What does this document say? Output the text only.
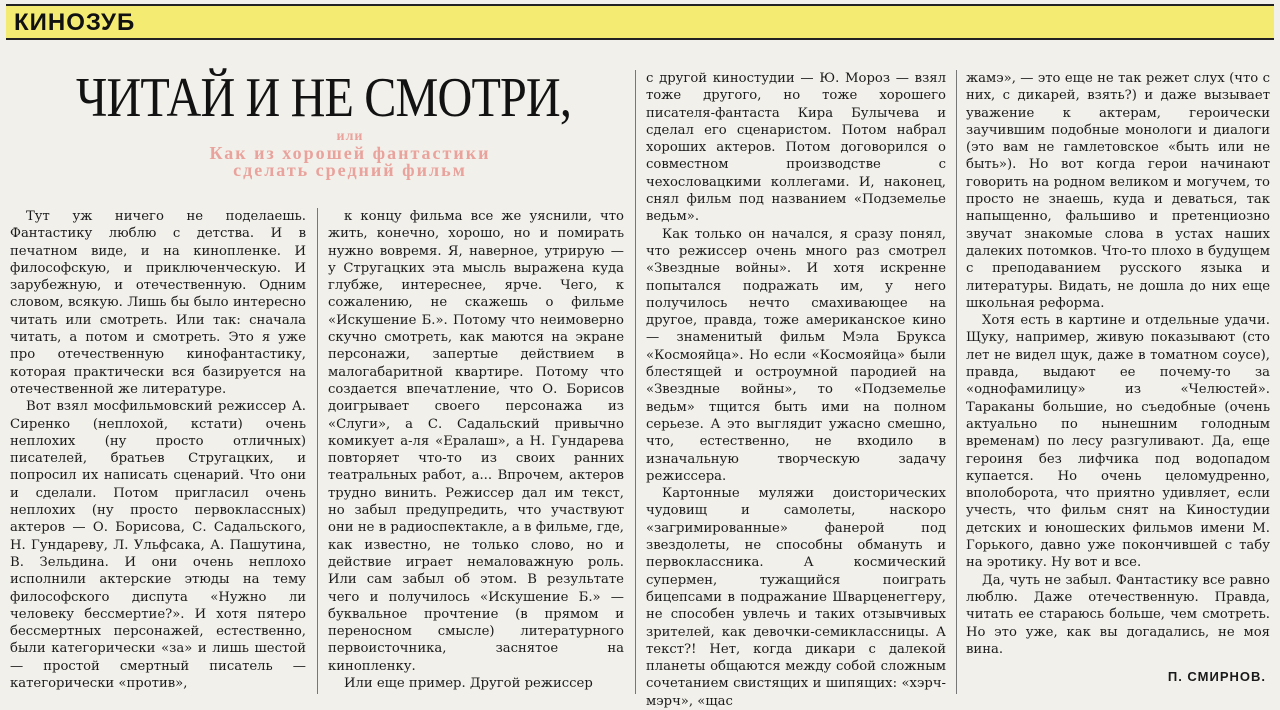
КИНОЗУБ
ЧИТАЙ И НЕ СМОТРИ,
или
Как из хорошей фантастики
сделать средний фильм

Тут уж ничего не поделаешь. Фантастику люблю с детства. И в печатном виде, и на кинопленке. И философскую, и приключенческую. И зарубежную, и отечественную. Одним словом, всякую. Лишь бы было интересно читать или смотреть. Или так: сначала читать, а потом и смотреть. Это я уже про отечественную кинофантастику, которая практически вся базируется на отечественной же литературе.

Вот взял мосфильмовский режиссер А. Сиренко (неплохой, кстати) очень неплохих (ну просто отличных) писателей, братьев Стругацких, и попросил их написать сценарий. Что они и сделали. Потом пригласил очень неплохих (ну просто первоклассных) актеров — О. Борисова, С. Садальского, Н. Гундареву, Л. Ульфсака, А. Пашутина, В. Зельдина. И они очень неплохо исполнили актерские этюды на тему философского диспута «Нужно ли человеку бессмертие?». И хотя пятеро бессмертных персонажей, естественно, были категорически «за» и лишь шестой — простой смертный писатель — категорически «против»,

к концу фильма все же уяснили, что жить, конечно, хорошо, но и помирать нужно вовремя. Я, наверное, утрирую — у Стругацких эта мысль выражена куда глубже, интереснее, ярче. Чего, к сожалению, не скажешь о фильме «Искушение Б.». Потому что неимоверно скучно смотреть, как маются на экране персонажи, запертые действием в малогабаритной квартире. Потому что создается впечатление, что О. Борисов доигрывает своего персонажа из «Слуги», а С. Садальский привычно комикует а-ля «Ералаш», а Н. Гундарева повторяет что-то из своих ранних театральных работ, а... Впрочем, актеров трудно винить. Режиссер дал им текст, но забыл предупредить, что участвуют они не в радиоспектакле, а в фильме, где, как известно, не только слово, но и действие играет немаловажную роль. Или сам забыл об этом. В результате чего и получилось «Искушение Б.» — буквальное прочтение (в прямом и переносном смысле) литературного первоисточника, заснятое на кинопленку.

Или еще пример. Другой режиссер

с другой киностудии — Ю. Мороз — взял тоже другого, но тоже хорошего писателя-фантаста Кира Булычева и сделал его сценаристом. Потом набрал хороших актеров. Потом договорился о совместном производстве с чехословацкими коллегами. И, наконец, снял фильм под названием «Подземелье ведьм».

Как только он начался, я сразу понял, что режиссер очень много раз смотрел «Звездные войны». И хотя искренне попытался подражать им, у него получилось нечто смахивающее на другое, правда, тоже американское кино — знаменитый фильм Мэла Брукса «Космояйца». Но если «Космояйца» были блестящей и остроумной пародией на «Звездные войны», то «Подземелье ведьм» тщится быть ими на полном серьезе. А это выглядит ужасно смешно, что, естественно, не входило в изначальную творческую задачу режиссера.

Картонные муляжи доисторических чудовищ и самолеты, наскоро «загримированные» фанерой под звездолеты, не способны обмануть и первоклассника. А космический супермен, тужащийся поиграть бицепсами в подражание Шварценеггеру, не способен увлечь и таких отзывчивых зрителей, как девочки-семиклассницы. А текст?! Нет, когда дикари с далекой планеты общаются между собой сложным сочетанием свистящих и шипящих: «хэрч-мэрч», «щас

жамэ», — это еще не так режет слух (что с них, с дикарей, взять?) и даже вызывает уважение к актерам, героически заучившим подобные монологи и диалоги (это вам не гамлетовское «быть или не быть»). Но вот когда герои начинают говорить на родном великом и могучем, то просто не знаешь, куда и деваться, так напыщенно, фальшиво и претенциозно звучат знакомые слова в устах наших далеких потомков. Что-то плохо в будущем с преподаванием русского языка и литературы. Видать, не дошла до них еще школьная реформа.

Хотя есть в картине и отдельные удачи. Щуку, например, живую показывают (сто лет не видел щук, даже в томатном соусе), правда, выдают ее почему-то за «однофамилицу» из «Челюстей». Тараканы большие, но съедобные (очень актуально по нынешним голодным временам) по лесу разгуливают. Да, еще героиня без лифчика под водопадом купается. Но очень целомудренно, вполоборота, что приятно удивляет, если учесть, что фильм снят на Киностудии детских и юношеских фильмов имени М. Горького, давно уже покончившей с табу на эротику. Ну вот и все.

Да, чуть не забыл. Фантастику все равно люблю. Даже отечественную. Правда, читать ее стараюсь больше, чем смотреть. Но это уже, как вы догадались, не моя вина.

П. СМИРНОВ.
